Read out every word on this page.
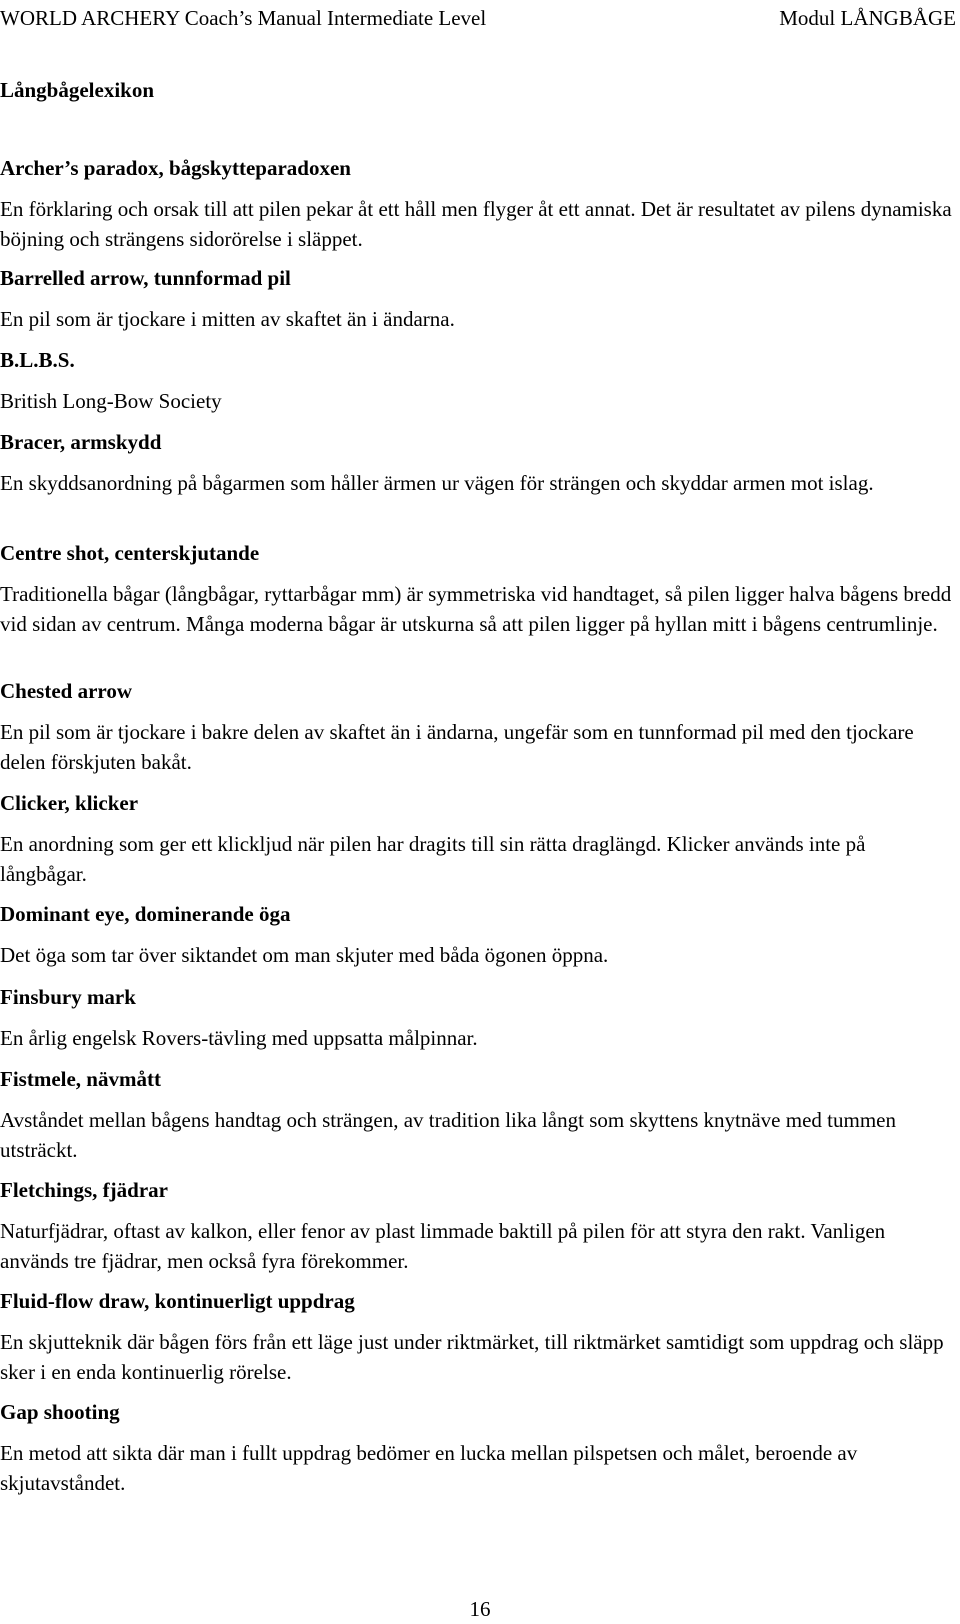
WORLD ARCHERY Coach’s Manual Intermediate Level	Modul LÅNGBÅGE
Långbågelexikon
Archer’s paradox, bågskytteparadoxen
En förklaring och orsak till att pilen pekar åt ett håll men flyger åt ett annat. Det är resultatet av pilens dynamiska böjning och strängens sidorörelse i släppet.
Barrelled arrow, tunnformad pil
En pil som är tjockare i mitten av skaftet än i ändarna.
B.L.B.S.
British Long-Bow Society
Bracer, armskydd
En skyddsanordning på bågarmen som håller ärmen ur vägen för strängen och skyddar armen mot islag.
Centre shot, centerskjutande
Traditionella bågar (långbågar, ryttarbågar mm) är symmetriska vid handtaget, så pilen ligger halva bågens bredd vid sidan av centrum. Många moderna bågar är utskurna så att pilen ligger på hyllan mitt i bågens centrumlinje.
Chested arrow
En pil som är tjockare i bakre delen av skaftet än i ändarna, ungefär som en tunnformad pil med den tjockare delen förskjuten bakåt.
Clicker, klicker
En anordning som ger ett klickljud när pilen har dragits till sin rätta draglängd. Klicker används inte på långbågar.
Dominant eye, dominerande öga
Det öga som tar över siktandet om man skjuter med båda ögonen öppna.
Finsbury mark
En årlig engelsk Rovers-tävling med uppsatta målpinnar.
Fistmele, nävmått
Avståndet mellan bågens handtag och strängen, av tradition lika långt som skyttens knytnäve med tummen utsträckt.
Fletchings, fjädrar
Naturfjädrar, oftast av kalkon, eller fenor av plast limmade baktill på pilen för att styra den rakt. Vanligen används tre fjädrar, men också fyra förekommer.
Fluid-flow draw, kontinuerligt uppdrag
En skjutteknik där bågen förs från ett läge just under riktmärket, till riktmärket samtidigt som uppdrag och släpp sker i en enda kontinuerlig rörelse.
Gap shooting
En metod att sikta där man i fullt uppdrag bedömer en lucka mellan pilspetsen och målet, beroende av skjutavståndet.
16
